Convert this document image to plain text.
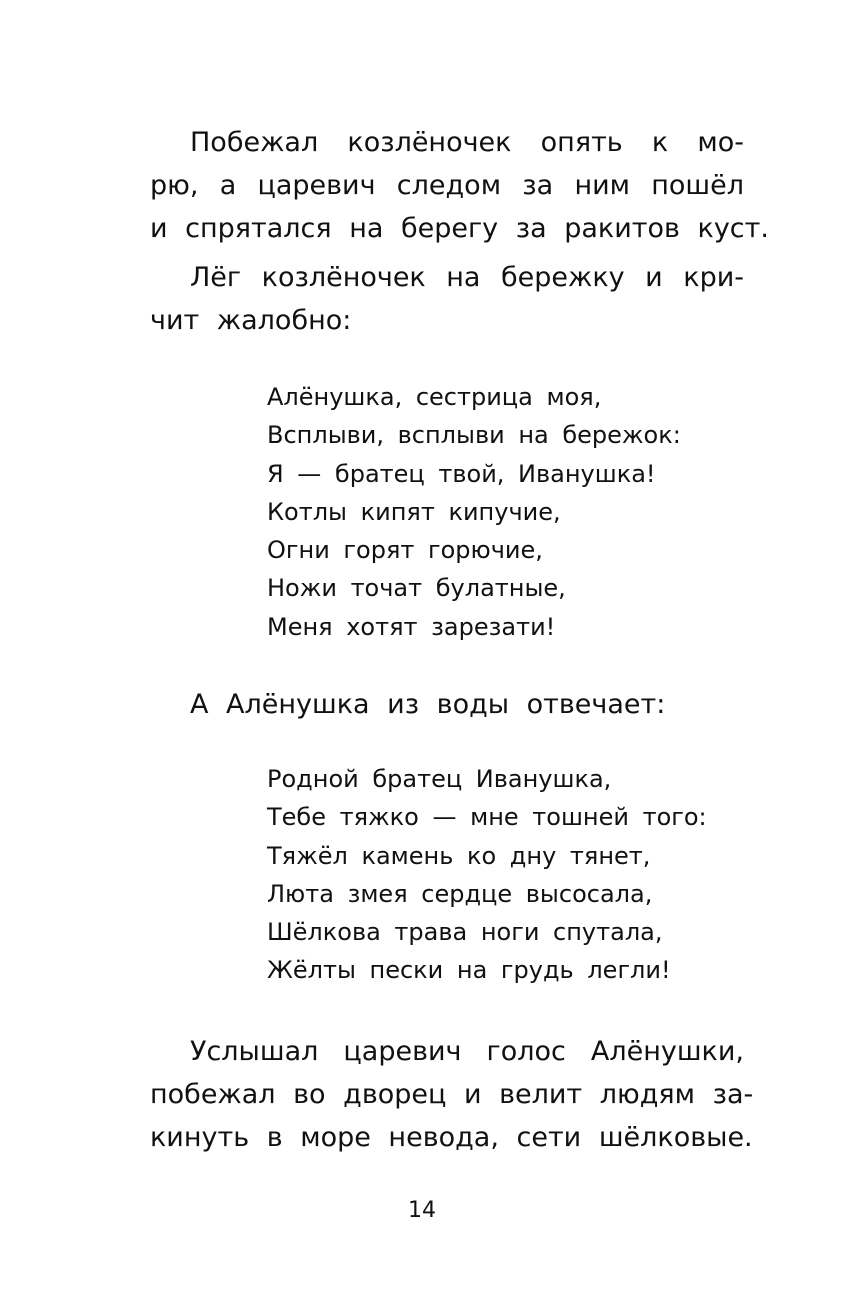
Побежал козлёночек опять к мо-
рю, а царевич следом за ним пошёл
и спрятался на берегу за ракитов куст.

Лёг козлёночек на бережку и кри-
чит жалобно:

Алёнушка, сестрица моя,
Всплыви, всплыви на бережок:
Я — братец твой, Иванушка!
Котлы кипят кипучие,
Огни горят горючие,
Ножи точат булатные,
Меня хотят зарезати!

А Алёнушка из воды отвечает:

Родной братец Иванушка,
Тебе тяжко — мне тошней того:
Тяжёл камень ко дну тянет,
Люта змея сердце высосала,
Шёлкова трава ноги спутала,
Жёлты пески на грудь легли!

Услышал царевич голос Алёнушки,
побежал во дворец и велит людям за-
кинуть в море невода, сети шёлковые.

14
